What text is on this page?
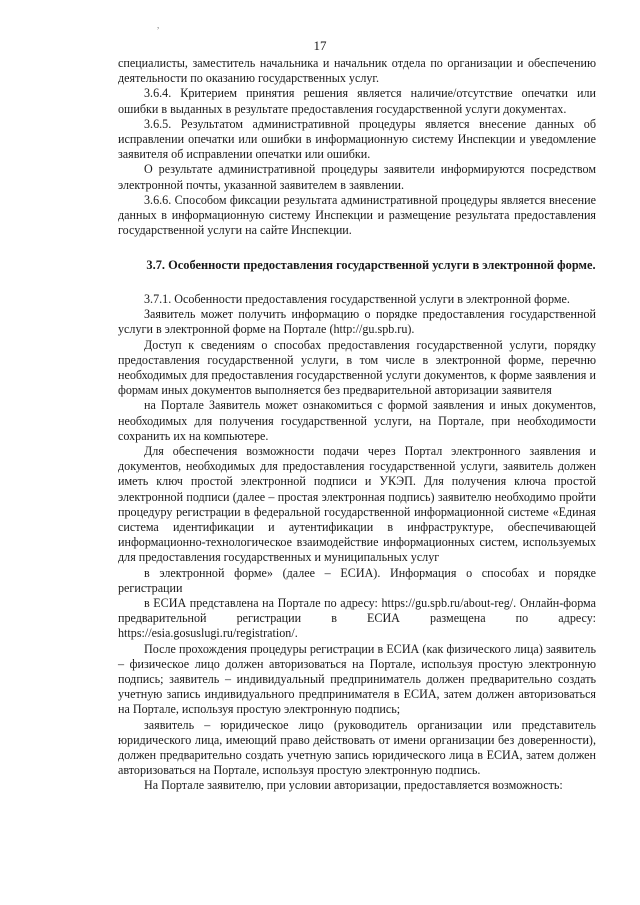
,
17

специалисты, заместитель начальника и начальник отдела по организации и обеспечению деятельности по оказанию государственных услуг.

3.6.4. Критерием принятия решения является наличие/отсутствие опечатки или ошибки в выданных в результате предоставления государственной услуги документах.

3.6.5. Результатом административной процедуры является внесение данных об исправлении опечатки или ошибки в информационную систему Инспекции и уведомление заявителя об исправлении опечатки или ошибки.

О результате административной процедуры заявители информируются посредством электронной почты, указанной заявителем в заявлении.

3.6.6. Способом фиксации результата административной процедуры является внесение данных в информационную систему Инспекции и размещение результата предоставления государственной услуги на сайте Инспекции.

3.7. Особенности предоставления государственной услуги в электронной форме.

3.7.1. Особенности предоставления государственной услуги в электронной форме.

Заявитель может получить информацию о порядке предоставления государственной услуги в электронной форме на Портале (http://gu.spb.ru).

Доступ к сведениям о способах предоставления государственной услуги, порядку предоставления государственной услуги, в том числе в электронной форме, перечню необходимых для предоставления государственной услуги документов, к форме заявления и формам иных документов выполняется без предварительной авторизации заявителя

на Портале Заявитель может ознакомиться с формой заявления и иных документов, необходимых для получения государственной услуги, на Портале, при необходимости сохранить их на компьютере.

Для обеспечения возможности подачи через Портал электронного заявления и документов, необходимых для предоставления государственной услуги, заявитель должен иметь ключ простой электронной подписи и УКЭП. Для получения ключа простой электронной подписи (далее – простая электронная подпись) заявителю необходимо пройти процедуру регистрации в федеральной государственной информационной системе «Единая система идентификации и аутентификации в инфраструктуре, обеспечивающей информационно-технологическое взаимодействие информационных систем, используемых для предоставления государственных и муниципальных услуг

в электронной форме» (далее – ЕСИА). Информация о способах и порядке регистрации

в ЕСИА представлена на Портале по адресу: https://gu.spb.ru/about-reg/. Онлайн-форма предварительной регистрации в ЕСИА размещена по адресу: https://esia.gosuslugi.ru/registration/.

После прохождения процедуры регистрации в ЕСИА (как физического лица) заявитель – физическое лицо должен авторизоваться на Портале, используя простую электронную подпись; заявитель – индивидуальный предприниматель должен предварительно создать учетную запись индивидуального предпринимателя в ЕСИА, затем должен авторизоваться на Портале, используя простую электронную подпись;

заявитель – юридическое лицо (руководитель организации или представитель юридического лица, имеющий право действовать от имени организации без доверенности), должен предварительно создать учетную запись юридического лица в ЕСИА, затем должен авторизоваться на Портале, используя простую электронную подпись.

На Портале заявителю, при условии авторизации, предоставляется возможность:
